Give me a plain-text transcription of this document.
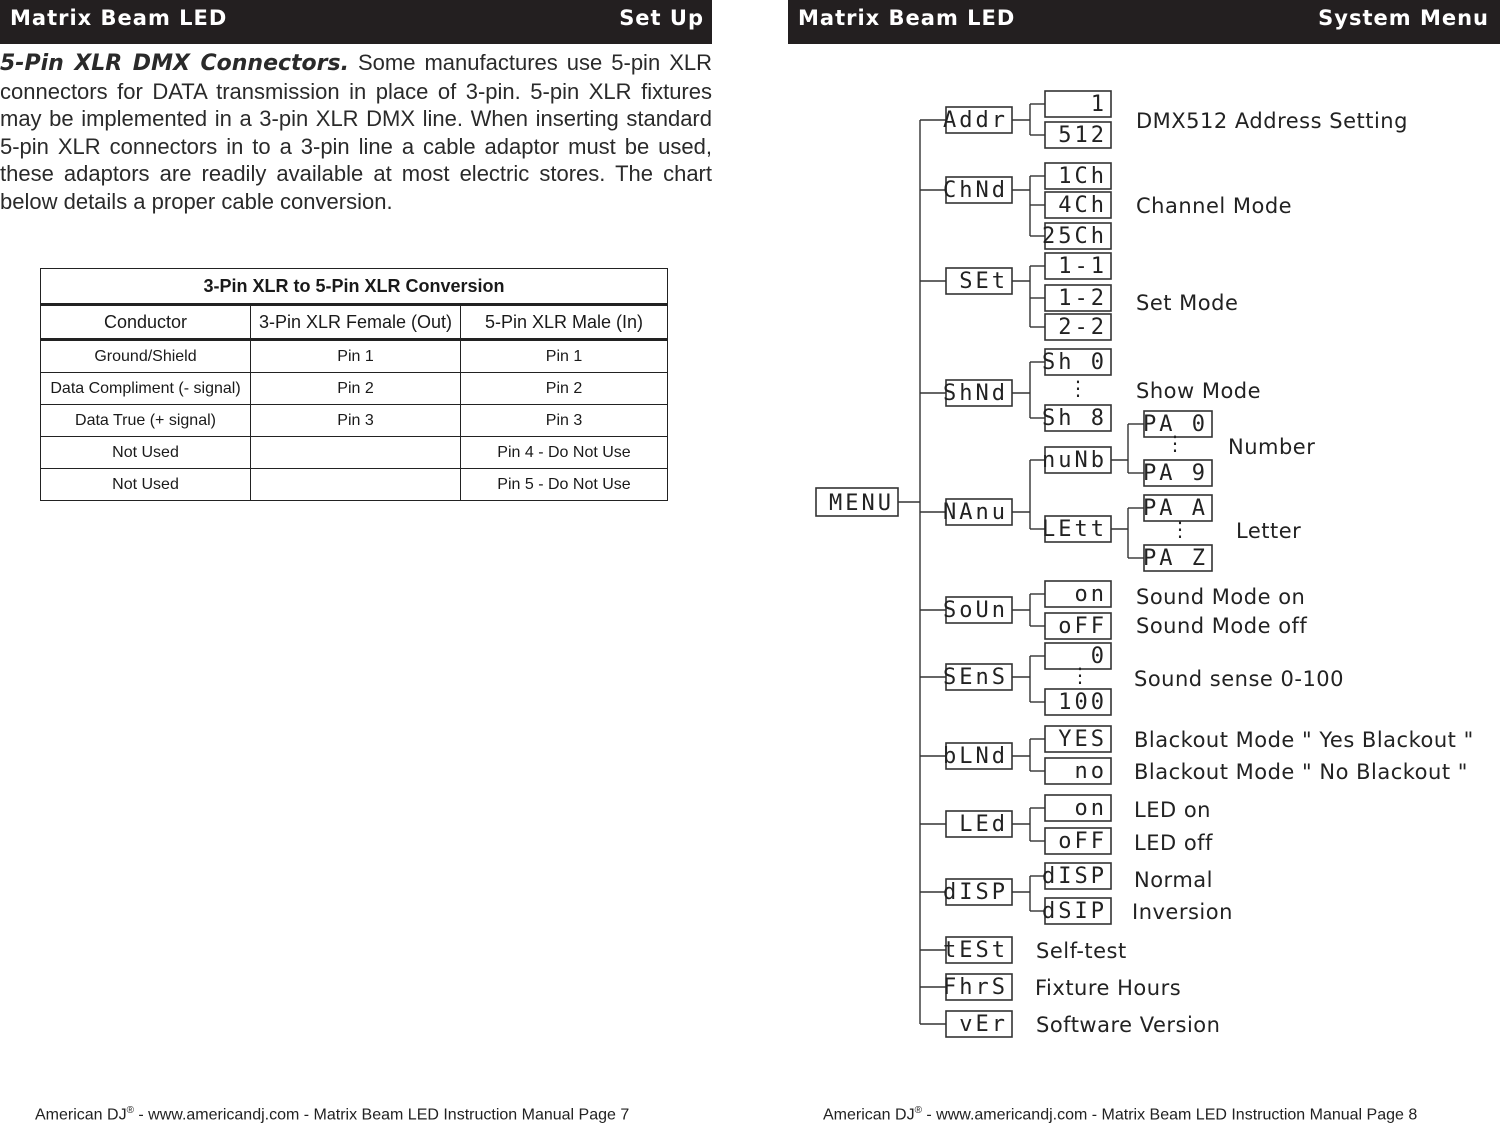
Matrix Beam LED	Set Up
5-Pin XLR DMX Connectors. Some manufactures use 5-pin XLR connectors for DATA transmission in place of 3-pin. 5-pin XLR fixtures may be implemented in a 3-pin XLR DMX line. When inserting standard 5-pin XLR connectors in to a 3-pin line a cable adaptor must be used, these adaptors are readily available at most electric stores. The chart below details a proper cable conversion.
3-Pin XLR to 5-Pin XLR Conversion		
Conductor	3-Pin XLR Female (Out)	5-Pin XLR Male (In)
Ground/Shield	Pin 1	Pin 1
Data Compliment (- signal)	Pin 2	Pin 2
Data True (+ signal)	Pin 3	Pin 3
Not Used		Pin 4 - Do Not Use
Not Used		Pin 5 - Do Not Use
American DJ® - www.americandj.com - Matrix Beam LED Instruction Manual Page 7
Matrix Beam LED	System Menu
MENU
Addr
1
512
DMX512 Address Setting
ChNd
1Ch
4Ch
25Ch
Channel Mode
SEt
1-1
1-2
2-2
Set Mode
ShNd
Sh 0
Sh 8
⋮ Show Mode
NAnu
nuNb
LEtt
PA 0
PA 9
⋮
PA A
PA Z
⋮
Number
Letter
SoUn
on
oFF
Sound Mode on
Sound Mode off
SEnS
0
100
⋮ Sound sense 0-100
bLNd
YES
no
Blackout Mode " Yes Blackout "
Blackout Mode " No Blackout "
LEd
on
oFF
LED on
LED off
dISP
dISP
dSIP
Normal
Inversion
tESt Self-test
FhrS Fixture Hours
vEr Software Version
American DJ® - www.americandj.com - Matrix Beam LED Instruction Manual Page 8
